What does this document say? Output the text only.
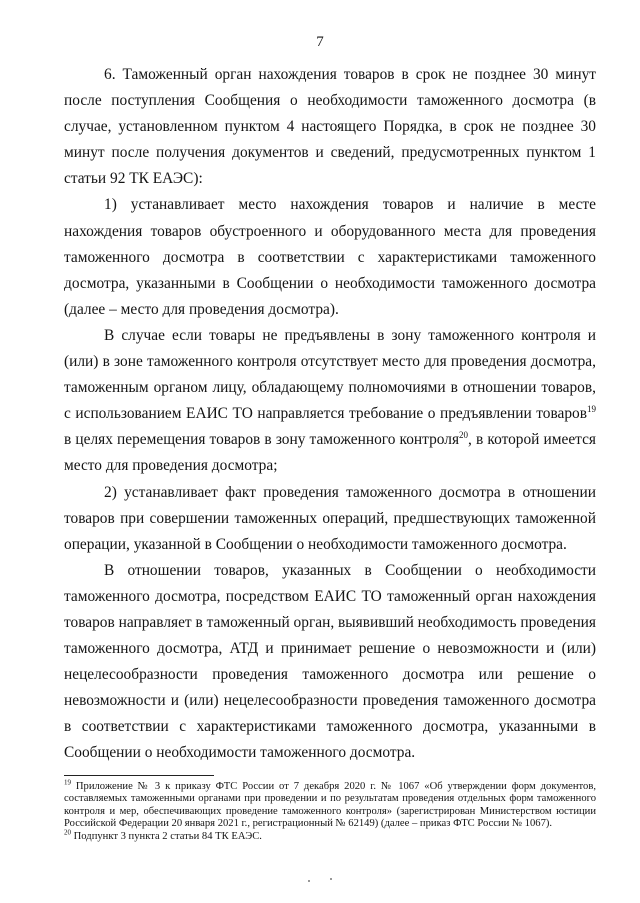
7

6. Таможенный орган нахождения товаров в срок не позднее 30 минут после поступления Сообщения о необходимости таможенного досмотра (в случае, установленном пунктом 4 настоящего Порядка, в срок не позднее 30 минут после получения документов и сведений, предусмотренных пунктом 1 статьи 92 ТК ЕАЭС):

1) устанавливает место нахождения товаров и наличие в месте нахождения товаров обустроенного и оборудованного места для проведения таможенного досмотра в соответствии с характеристиками таможенного досмотра, указанными в Сообщении о необходимости таможенного досмотра (далее – место для проведения досмотра).

В случае если товары не предъявлены в зону таможенного контроля и (или) в зоне таможенного контроля отсутствует место для проведения досмотра, таможенным органом лицу, обладающему полномочиями в отношении товаров, с использованием ЕАИС ТО направляется требование о предъявлении товаров$^{19}$ в целях перемещения товаров в зону таможенного контроля$^{20}$, в которой имеется место для проведения досмотра;

2) устанавливает факт проведения таможенного досмотра в отношении товаров при совершении таможенных операций, предшествующих таможенной операции, указанной в Сообщении о необходимости таможенного досмотра.

В отношении товаров, указанных в Сообщении о необходимости таможенного досмотра, посредством ЕАИС ТО таможенный орган нахождения товаров направляет в таможенный орган, выявивший необходимость проведения таможенного досмотра, АТД и принимает решение о невозможности и (или) нецелесообразности проведения таможенного досмотра или решение о невозможности и (или) нецелесообразности проведения таможенного досмотра в соответствии с характеристиками таможенного досмотра, указанными в Сообщении о необходимости таможенного досмотра.

$^{19}$ Приложение № 3 к приказу ФТС России от 7 декабря 2020 г. № 1067 «Об утверждении форм документов, составляемых таможенными органами при проведении и по результатам проведения отдельных форм таможенного контроля и мер, обеспечивающих проведение таможенного контроля» (зарегистрирован Министерством юстиции Российской Федерации 20 января 2021 г., регистрационный № 62149) (далее – приказ ФТС России № 1067).

$^{20}$ Подпункт 3 пункта 2 статьи 84 ТК ЕАЭС.
